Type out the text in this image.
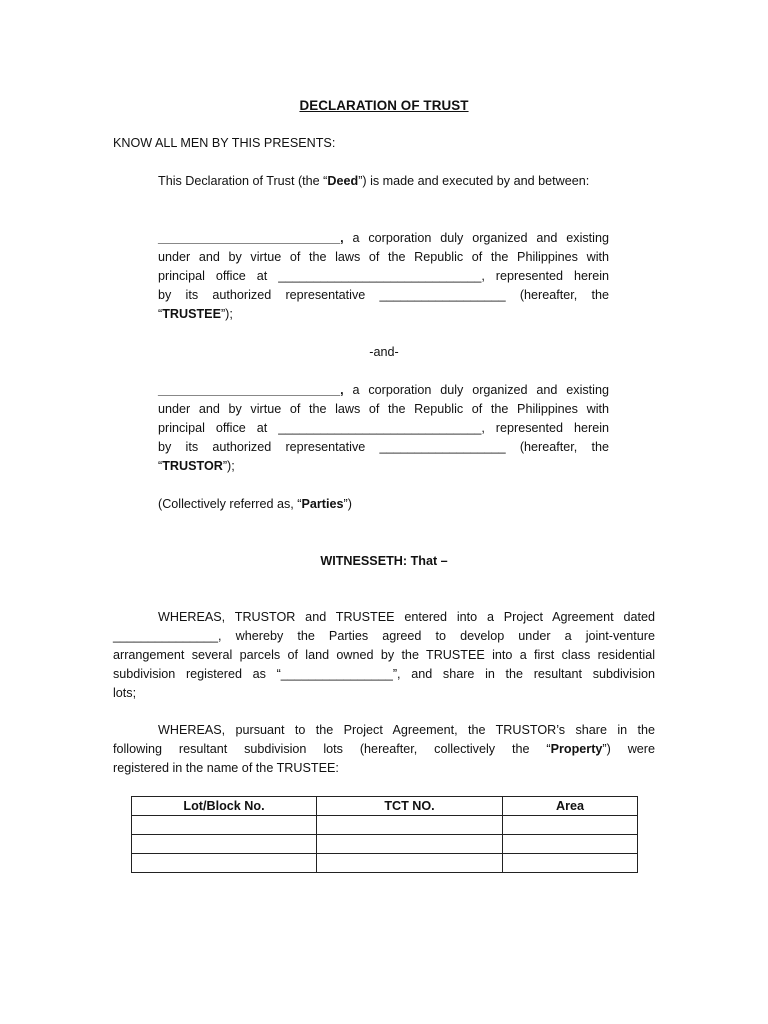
DECLARATION OF TRUST
KNOW ALL MEN BY THIS PRESENTS:
This Declaration of Trust (the “Deed”) is made and executed by and between:
__________________________, a corporation duly organized and existing
under and by virtue of the laws of the Republic of the Philippines with
principal office at _____________________________, represented herein
by its authorized representative __________________ (hereafter, the
“TRUSTEE”);
-and-
__________________________, a corporation duly organized and existing
under and by virtue of the laws of the Republic of the Philippines with
principal office at _____________________________, represented herein
by its authorized representative __________________ (hereafter, the
“TRUSTOR”);
(Collectively referred as, “Parties”)
WITNESSETH: That –
WHEREAS, TRUSTOR and TRUSTEE entered into a Project Agreement dated
_______________, whereby the Parties agreed to develop under a joint-venture
arrangement several parcels of land owned by the TRUSTEE into a first class residential
subdivision registered as “________________”, and share in the resultant subdivision
lots;
WHEREAS, pursuant to the Project Agreement, the TRUSTOR’s share in the
following resultant subdivision lots (hereafter, collectively the “Property”) were
registered in the name of the TRUSTEE:
Lot/Block No.	TCT NO.	Area
